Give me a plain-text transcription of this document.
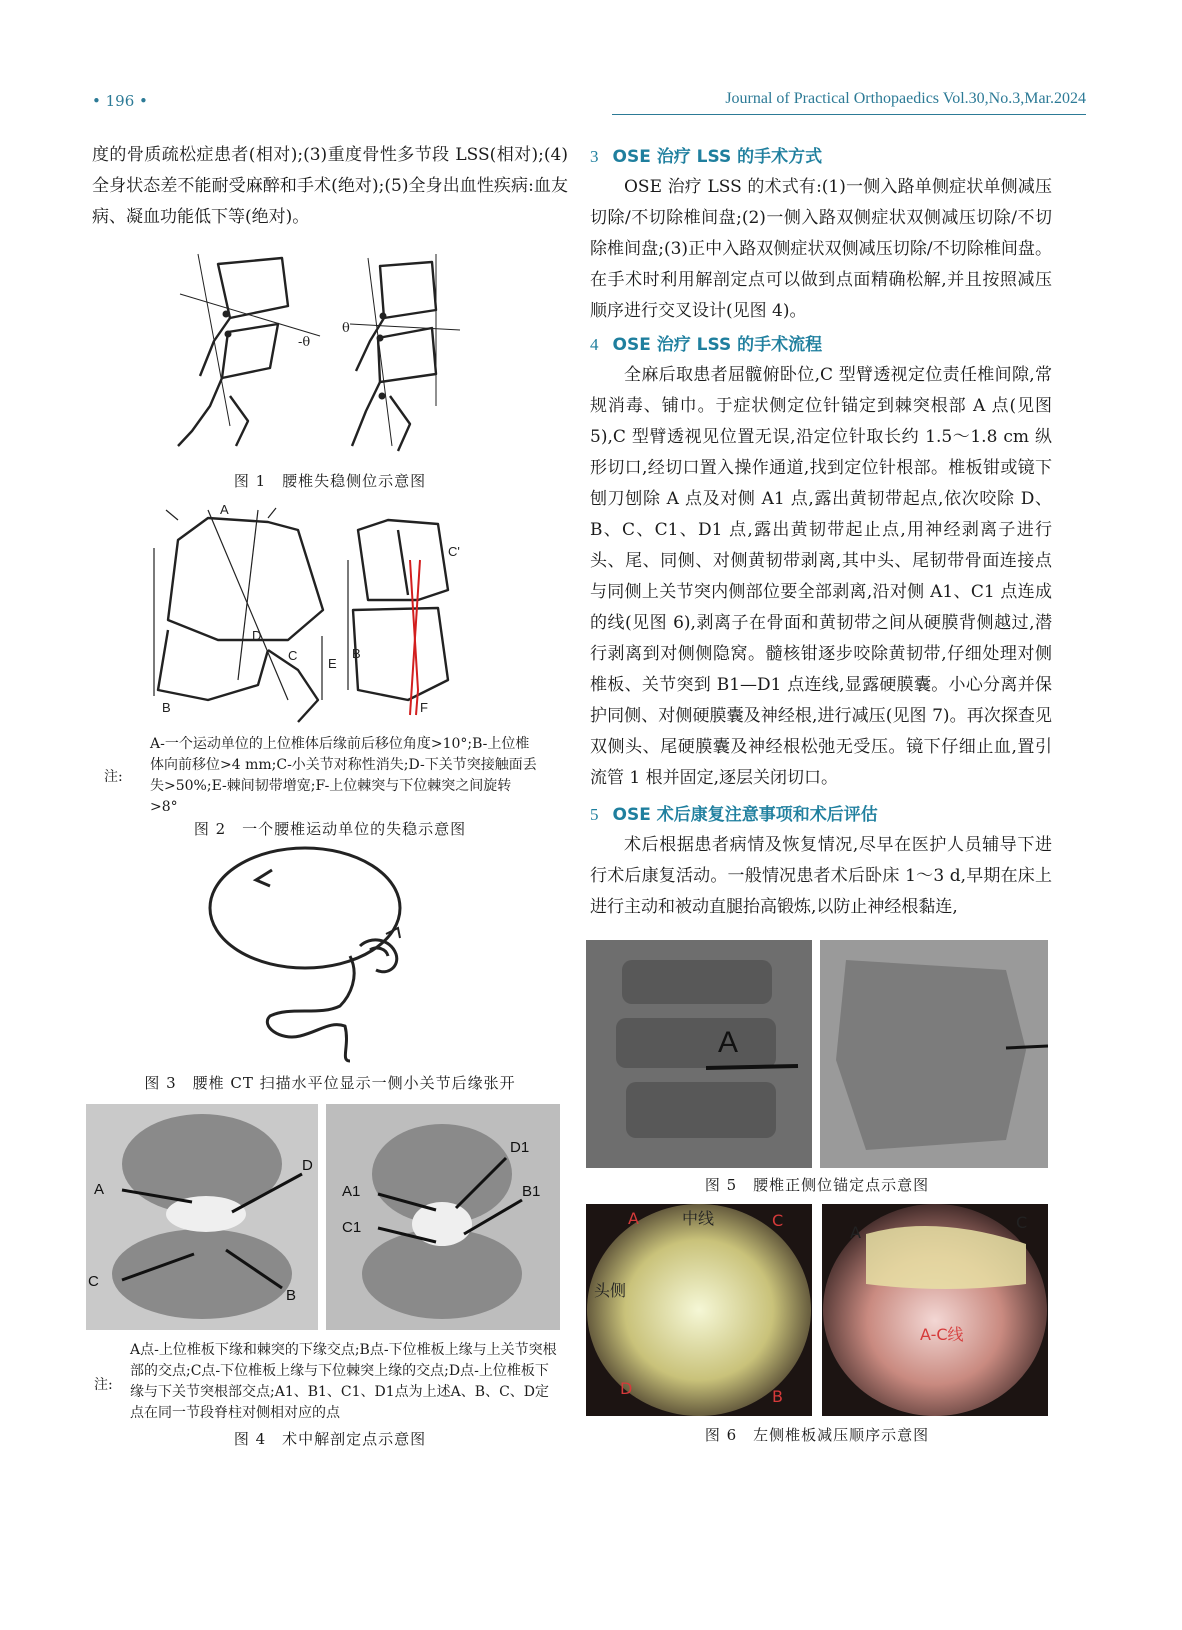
• 196 •	Journal of Practical Orthopaedics Vol.30,No.3,Mar.2024

度的骨质疏松症患者(相对);(3)重度骨性多节段 LSS(相对);(4)全身状态差不能耐受麻醉和手术(绝对);(5)全身出血性疾病:血友病、凝血功能低下等(绝对)。

-θ
θ

图 1　腰椎失稳侧位示意图

A
B
C
D
E
F
B
C'
注:

A-一个运动单位的上位椎体后缘前后移位角度>10°;B-上位椎体向前移位>4 mm;C-小关节对称性消失;D-下关节突接触面丢失>50%;E-棘间韧带增宽;F-上位棘突与下位棘突之间旋转>8°

图 2　一个腰椎运动单位的失稳示意图

图 3　腰椎 CT 扫描水平位显示一侧小关节后缘张开

A
D
C
B
D1
A1	B1
C1
注:

A点-上位椎板下缘和棘突的下缘交点;B点-下位椎板上缘与上关节突根部的交点;C点-下位椎板上缘与下位棘突上缘的交点;D点-上位椎板下缘与下关节突根部交点;A1、B1、C1、D1点为上述A、B、C、D定点在同一节段脊柱对侧相对应的点

图 4　术中解剖定点示意图

3 OSE 治疗 LSS 的手术方式

OSE 治疗 LSS 的术式有:(1)一侧入路单侧症状单侧减压切除/不切除椎间盘;(2)一侧入路双侧症状双侧减压切除/不切除椎间盘;(3)正中入路双侧症状双侧减压切除/不切除椎间盘。在手术时利用解剖定点可以做到点面精确松解,并且按照减压顺序进行交叉设计(见图 4)。

4 OSE 治疗 LSS 的手术流程

全麻后取患者屈髋俯卧位,C 型臂透视定位责任椎间隙,常规消毒、铺巾。于症状侧定位针锚定到棘突根部 A 点(见图 5),C 型臂透视见位置无误,沿定位针取长约 1.5～1.8 cm 纵形切口,经切口置入操作通道,找到定位针根部。椎板钳或镜下刨刀刨除 A 点及对侧 A1 点,露出黄韧带起点,依次咬除 D、B、C、C1、D1 点,露出黄韧带起止点,用神经剥离子进行头、尾、同侧、对侧黄韧带剥离,其中头、尾韧带骨面连接点与同侧上关节突内侧部位要全部剥离,沿对侧 A1、C1 点连成的线(见图 6),剥离子在骨面和黄韧带之间从硬膜背侧越过,潜行剥离到对侧侧隐窝。髓核钳逐步咬除黄韧带,仔细处理对侧椎板、关节突到 B1—D1 点连线,显露硬膜囊。小心分离并保护同侧、对侧硬膜囊及神经根,进行减压(见图 7)。再次探查见双侧头、尾硬膜囊及神经根松弛无受压。镜下仔细止血,置引流管 1 根并固定,逐层关闭切口。

5 OSE 术后康复注意事项和术后评估

术后根据患者病情及恢复情况,尽早在医护人员辅导下进行术后康复活动。一般情况患者术后卧床 1～3 d,早期在床上进行主动和被动直腿抬高锻炼,以防止神经根黏连,

A

图 5　腰椎正侧位锚定点示意图

A	中线	C
头侧
D	B
A
C
A-C线

图 6　左侧椎板减压顺序示意图
